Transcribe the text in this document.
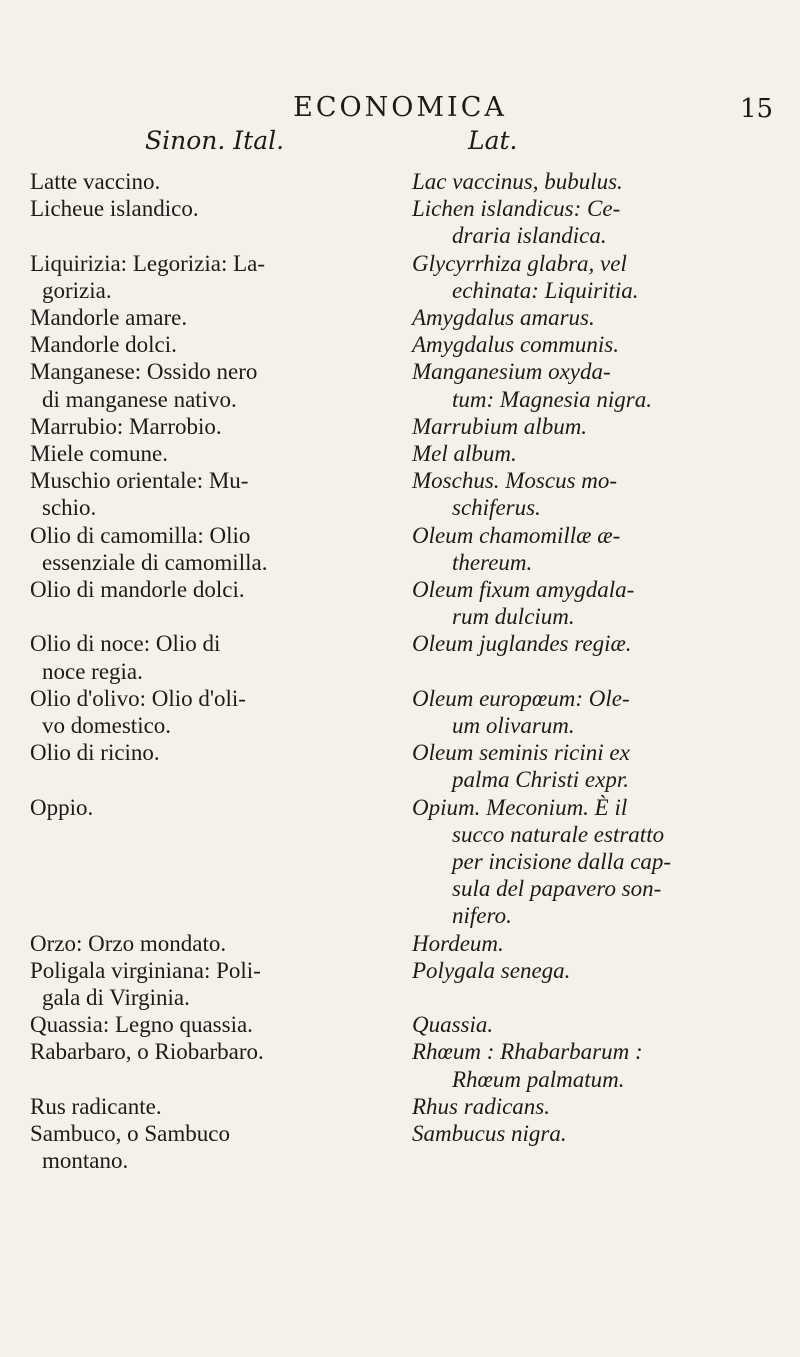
ECONOMICA	15
Sinon. Ital.	Lat.
Latte vaccino.
Licheue islandico.
Liquirizia: Legorizia: La-
gorizia.
Mandorle amare.
Mandorle dolci.
Manganese: Ossido nero
di manganese nativo.
Marrubio: Marrobio.
Miele comune.
Muschio orientale: Mu-
schio.
Olio di camomilla: Olio
essenziale di camomilla.
Olio di mandorle dolci.
Olio di noce: Olio di
noce regia.
Olio d'olivo: Olio d'oli-
vo domestico.
Olio di ricino.
Oppio.
Orzo: Orzo mondato.
Poligala virginiana: Poli-
gala di Virginia.
Quassia: Legno quassia.
Rabarbaro, o Riobarbaro.
Rus radicante.
Sambuco, o Sambuco
montano.
Lac vaccinus, bubulus.
Lichen islandicus: Ce-
draria islandica.
Glycyrrhiza glabra, vel
echinata: Liquiritia.
Amygdalus amarus.
Amygdalus communis.
Manganesium oxyda-
tum: Magnesia nigra.
Marrubium album.
Mel album.
Moschus. Moscus mo-
schiferus.
Oleum chamomillæ æ-
thereum.
Oleum fixum amygdala-
rum dulcium.
Oleum juglandes regiæ.
Oleum europœum: Ole-
um olivarum.
Oleum seminis ricini ex
palma Christi expr.
Opium. Meconium. È il
succo naturale estratto
per incisione dalla cap-
sula del papavero son-
nifero.
Hordeum.
Polygala senega.
Quassia.
Rhœum : Rhabarbarum :
Rhœum palmatum.
Rhus radicans.
Sambucus nigra.
